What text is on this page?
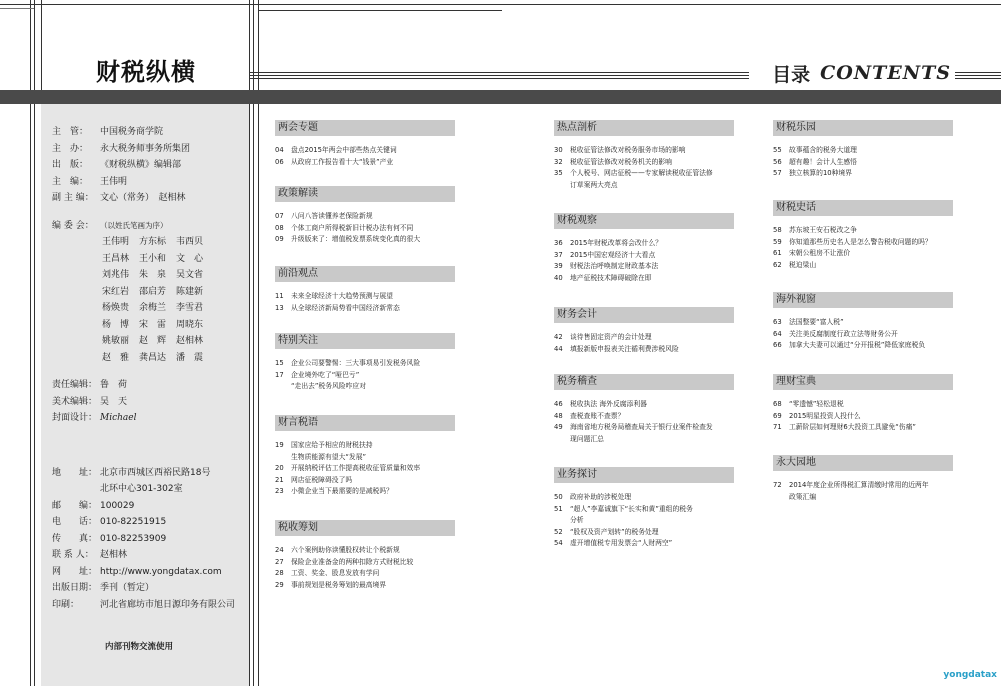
财税纵横	目录 CONTENTS
主　管：	中国税务商学院
主　办：	永大税务师事务所集团
出　版：	《财税纵横》编辑部
主　编：	王伟明
副 主 编： 文心（常务）　赵相林
编 委 会： （以姓氏笔画为序）
王伟明	方东标	韦西贝
王昌林	王小和	文　心
刘兆伟	朱　泉	吴文省
宋红岩	邵启芳	陈建新
杨焕贵	余梅兰	李雪君
杨　博	宋　雷	周晓东
姚敏丽	赵　辉	赵相林
赵　雅	龚昌达	潘　震
责任编辑： 鲁　荷
美术编辑： 吴　天
封面设计： Michael
地　　址： 北京市西城区西裕民路18号
北环中心301-302室
邮　　编： 100029
电　　话： 010-82251915
传　　真： 010-82253909
联 系 人： 赵相林
网　　址： http://www.yongdatax.com
出版日期： 季刊（暂定）
印刷：	河北省廊坊市旭日源印务有限公司
内部刊物交流使用
两会专题
04	盘点2015年两会中部些热点关键词
06	从政府工作报告看十大“钱景”产业
政策解读
07	八问八答读懂养老保险新规
08	个体工商户所得税新旧计税办法有何不同
09	升级版来了：增值税发票系统变化真的很大
前沿观点
11	未来全球经济十大趋势预测与展望
13	从全球经济新局势看中国经济新常态
特别关注
15	企业公司要警惕：三大事项易引发税务风险
17	企业境外吃了“哑巴亏”
“走出去”税务风险咋应对
财言税语
19	国家应给予相应的财税扶持
生物质能源有望大“发展”
20	开展纳税评估工作提高税收征管质量和效率
21	网店征税障碍没了吗
23	小微企业当下最需要的是减税吗？
税收筹划
24	六个案例助你读懂股权转让个税新规
27	保险企业准备金的两种扣除方式财税比较
28	工资、奖金、股息发放有学问
29	事前规划是税务筹划的最高境界
热点剖析
30	税收征管法修改对税务服务市场的影响
32	税收征管法修改对税务机关的影响
35	个人税号、网店征税——专家解读税收征管法修
订草案两大亮点
财税观察
36	2015年财税改革将会改什么？
37	2015中国宏观经济十大看点
39	财税法治呼唤制定财政基本法
40	地产征税技术障碍破除在即
财务会计
42	谈待售固定资产的会计处理
44	填报新版申报表关注循利费涉税风险
税务稽查
46	税收执法 海外反腐添利器
48	查税查账不查票？
49	海南省地方税务局稽查局关于银行业案件检查发
现问题汇总
业务探讨
50	政府补助的涉税处理
51	“超人”李嘉诚旗下“长实和黄”重组的税务
分析
52	“股权及资产划转”的税务处理
54	虚开增值税专用发票会“人财两空”
财税乐园
55	故事蕴含的税务大道理
56	超有趣！会计人生感悟
57	独立核算的10种境界
财税史话
58	苏东坡王安石税改之争
59	你知道那些历史名人是怎么警告税收问题的吗？
61	宋朝公租房不让涨价
62	税迫梁山
海外视窗
63	法国整要“富人税”
64	关注美反腐制度行政立法等财务公开
66	加拿大夫妻可以通过“分开报税”降低家庭税负
理财宝典
68	“零遗憾”轻松退税
69	2015明星投资人投什么
71	工薪阶层如何理财6大投资工具避免“伤痛”
永大园地
72	2014年度企业所得税汇算清缴时常用的近两年
政策汇编
yongdatax
